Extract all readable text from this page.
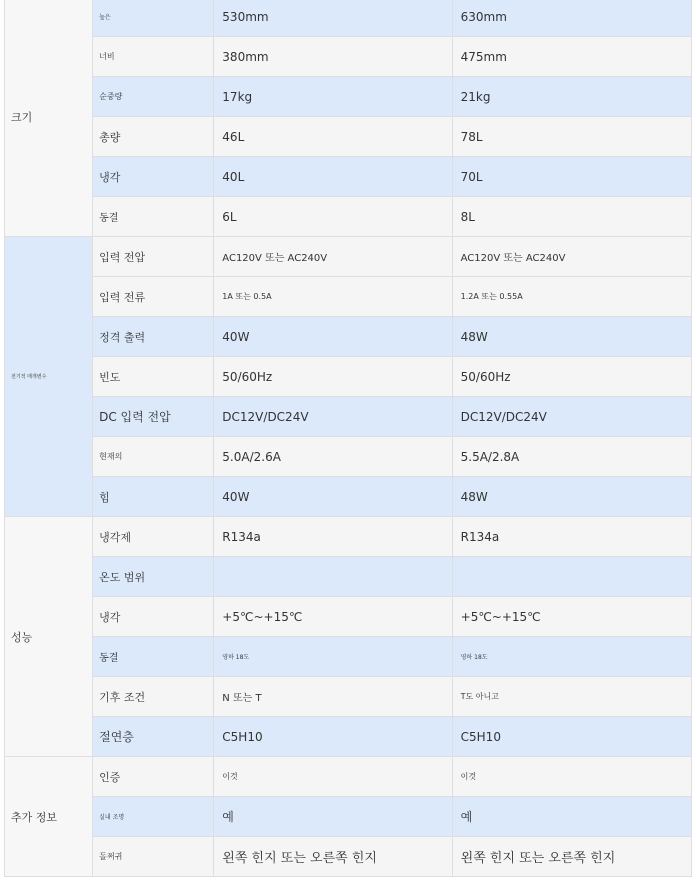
크기	높은	530mm	630mm
	너비	380mm	475mm
	순중량	17kg	21kg
	총량	46L	78L
	냉각	40L	70L
	동결	6L	8L
전기적 매개변수	입력 전압	AC120V 또는 AC240V	AC120V 또는 AC240V
	입력 전류	1A 또는 0.5A	1.2A 또는 0.55A
	정격 출력	40W	48W
	빈도	50/60Hz	50/60Hz
	DC 입력 전압	DC12V/DC24V	DC12V/DC24V
	현재의	5.0A/2.6A	5.5A/2.8A
	힘	40W	48W
성능	냉각제	R134a	R134a
	온도 범위		
	냉각	+5℃~+15℃	+5℃~+15℃
	동결	영하 18도	영하 18도
	기후 조건	N 또는 T	T도 아니고
	절연층	C5H10	C5H10
추가 정보	인증	이것	이것
	실내 조명	예	예
	돌쩌귀	왼쪽 힌지 또는 오른쪽 힌지	왼쪽 힌지 또는 오른쪽 힌지
